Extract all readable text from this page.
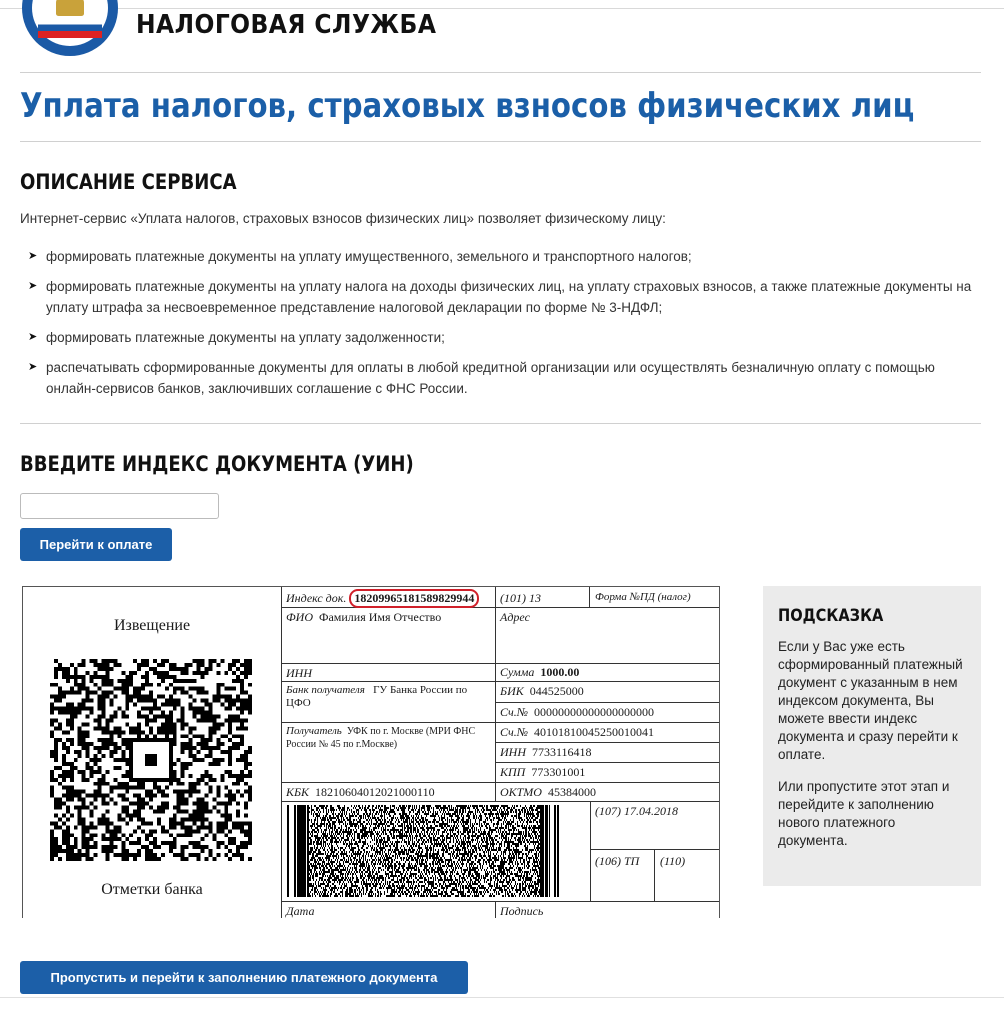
НАЛОГОВАЯ СЛУЖБА
Уплата налогов, страховых взносов физических лиц
ОПИСАНИЕ СЕРВИСА
Интернет-сервис «Уплата налогов, страховых взносов физических лиц» позволяет физическому лицу:
➤ формировать платежные документы на уплату имущественного, земельного и транспортного налогов;
➤ формировать платежные документы на уплату налога на доходы физических лиц, на уплату страховых взносов, а также платежные документы на уплату штрафа за несвоевременное представление налоговой декларации по форме № 3-НДФЛ;
➤ формировать платежные документы на уплату задолженности;
➤ распечатывать сформированные документы для оплаты в любой кредитной организации или осуществлять безналичную оплату с помощью онлайн-сервисов банков, заключивших соглашение с ФНС России.
ВВЕДИТЕ ИНДЕКС ДОКУМЕНТА (УИН)
Перейти к оплате
Извещение
Отметки банка
Индекс док. 18209965181589829944	(101) 13	Форма №ПД (налог)
ФИО Фамилия Имя Отчество	Адрес
ИНН	Сумма 1000.00
Банк получателя ГУ Банка России по ЦФО
БИК 044525000
Сч.№ 00000000000000000000
Получатель УФК по г. Москве (МРИ ФНС России № 45 по г.Москве)
Сч.№ 40101810045250010041
ИНН 7733116418
КПП 773301001
КБК 18210604012021000110	ОКТМО 45384000
(107) 17.04.2018
(106) ТП (110)
Дата	Подпись
ПОДСКАЗКА

Если у Вас уже есть сформированный платежный документ с указанным в нем индексом документа, Вы можете ввести индекс документа и сразу перейти к оплате.

Или пропустите этот этап и перейдите к заполнению нового платежного документа.

Пропустить и перейти к заполнению платежного документа
